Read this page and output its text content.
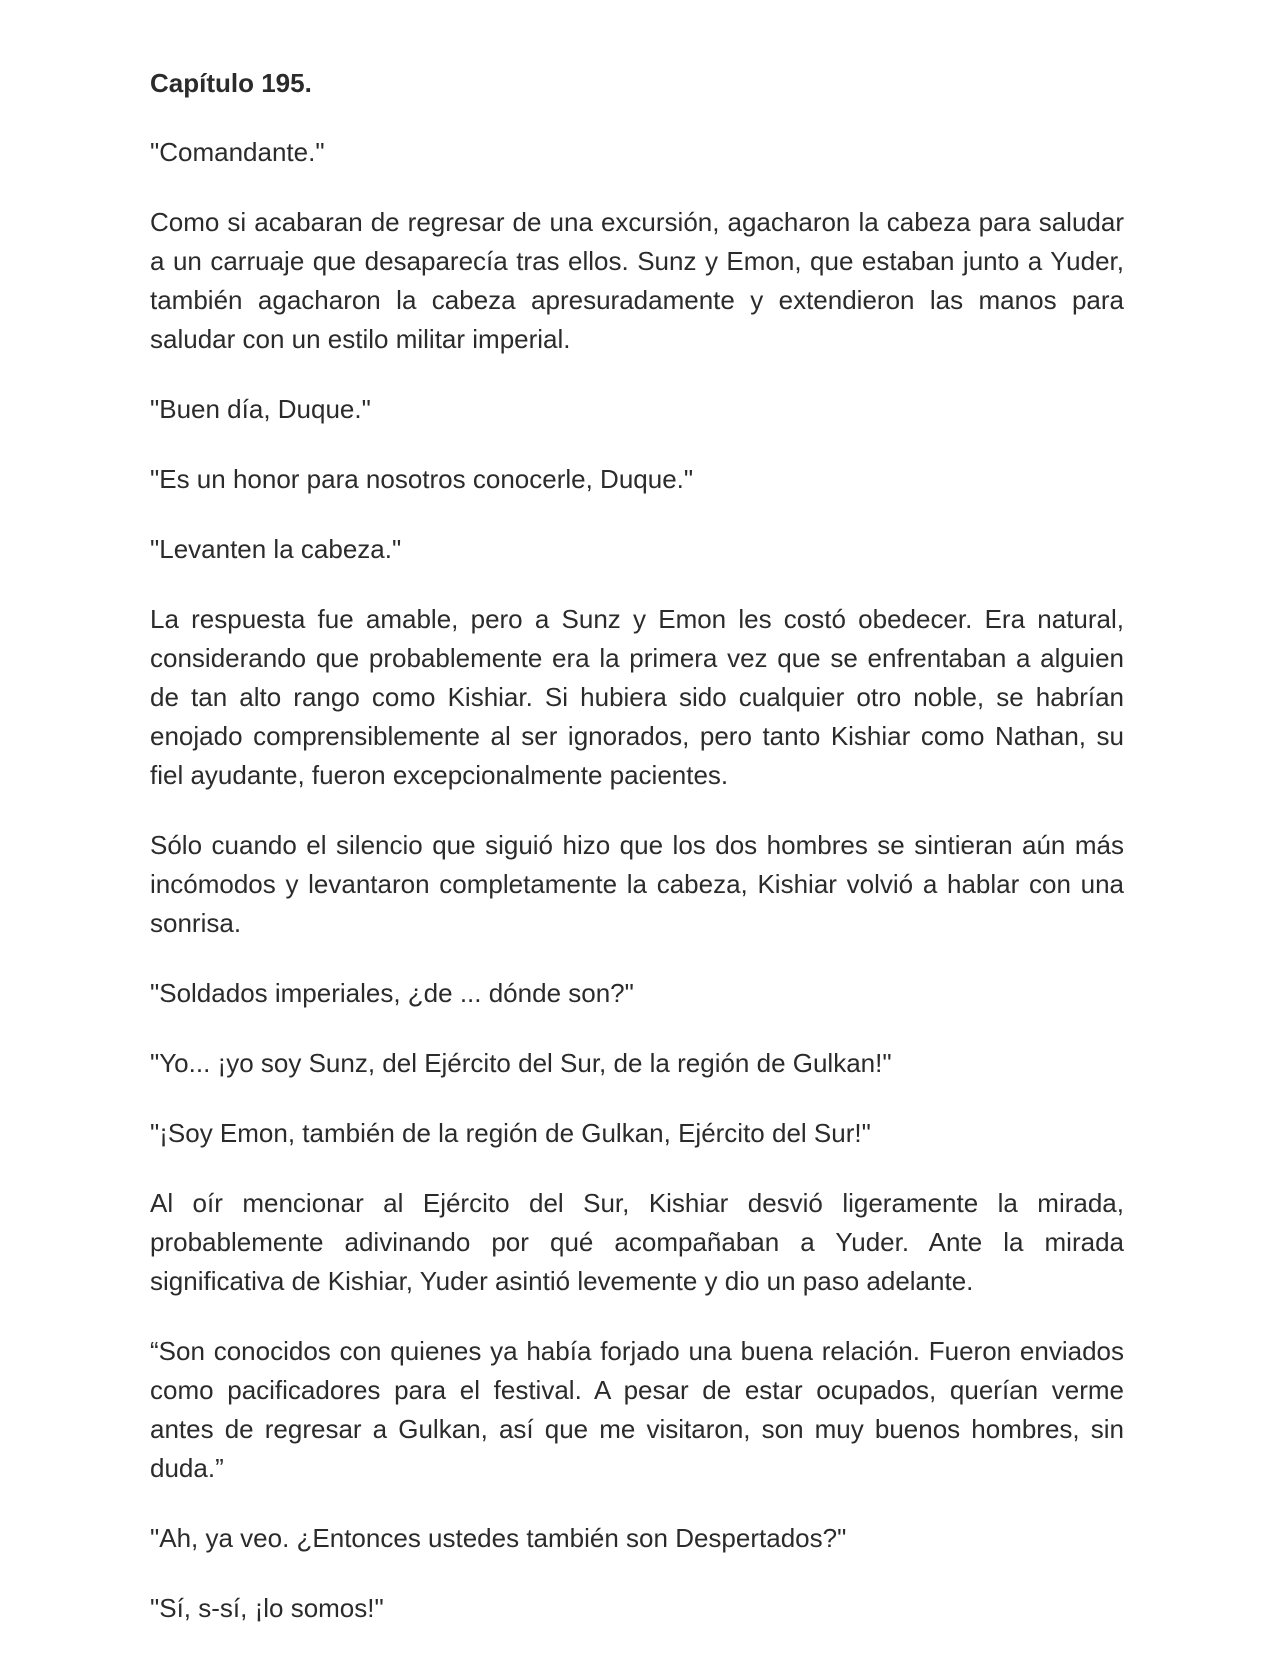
Capítulo 195.

"Comandante."

Como si acabaran de regresar de una excursión, agacharon la cabeza para saludar a un carruaje que desaparecía tras ellos. Sunz y Emon, que estaban junto a Yuder, también agacharon la cabeza apresuradamente y extendieron las manos para saludar con un estilo militar imperial.

"Buen día, Duque."

"Es un honor para nosotros conocerle, Duque."

"Levanten la cabeza."

La respuesta fue amable, pero a Sunz y Emon les costó obedecer. Era natural, considerando que probablemente era la primera vez que se enfrentaban a alguien de tan alto rango como Kishiar. Si hubiera sido cualquier otro noble, se habrían enojado comprensiblemente al ser ignorados, pero tanto Kishiar como Nathan, su fiel ayudante, fueron excepcionalmente pacientes.

Sólo cuando el silencio que siguió hizo que los dos hombres se sintieran aún más incómodos y levantaron completamente la cabeza, Kishiar volvió a hablar con una sonrisa.

"Soldados imperiales, ¿de ... dónde son?"

"Yo... ¡yo soy Sunz, del Ejército del Sur, de la región de Gulkan!"

"¡Soy Emon, también de la región de Gulkan, Ejército del Sur!"

Al oír mencionar al Ejército del Sur, Kishiar desvió ligeramente la mirada, probablemente adivinando por qué acompañaban a Yuder. Ante la mirada significativa de Kishiar, Yuder asintió levemente y dio un paso adelante.

“Son conocidos con quienes ya había forjado una buena relación. Fueron enviados como pacificadores para el festival. A pesar de estar ocupados, querían verme antes de regresar a Gulkan, así que me visitaron, son muy buenos hombres, sin duda.”

"Ah, ya veo. ¿Entonces ustedes también son Despertados?"

"Sí, s-sí, ¡lo somos!"
